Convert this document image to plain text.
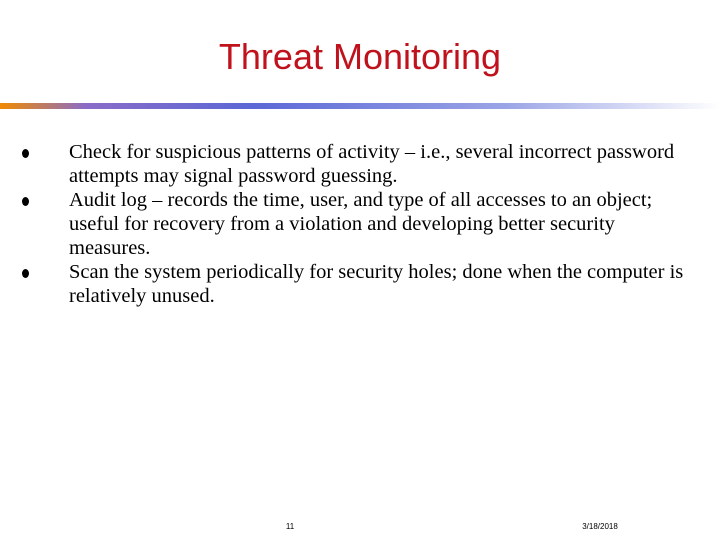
Threat Monitoring
Check for suspicious patterns of activity – i.e., several incorrect password attempts may signal password guessing.
Audit log – records the time, user, and type of all accesses to an object; useful for recovery from a violation and developing better security measures.
Scan the system periodically for security holes; done when the computer is relatively unused.
11	3/18/2018
